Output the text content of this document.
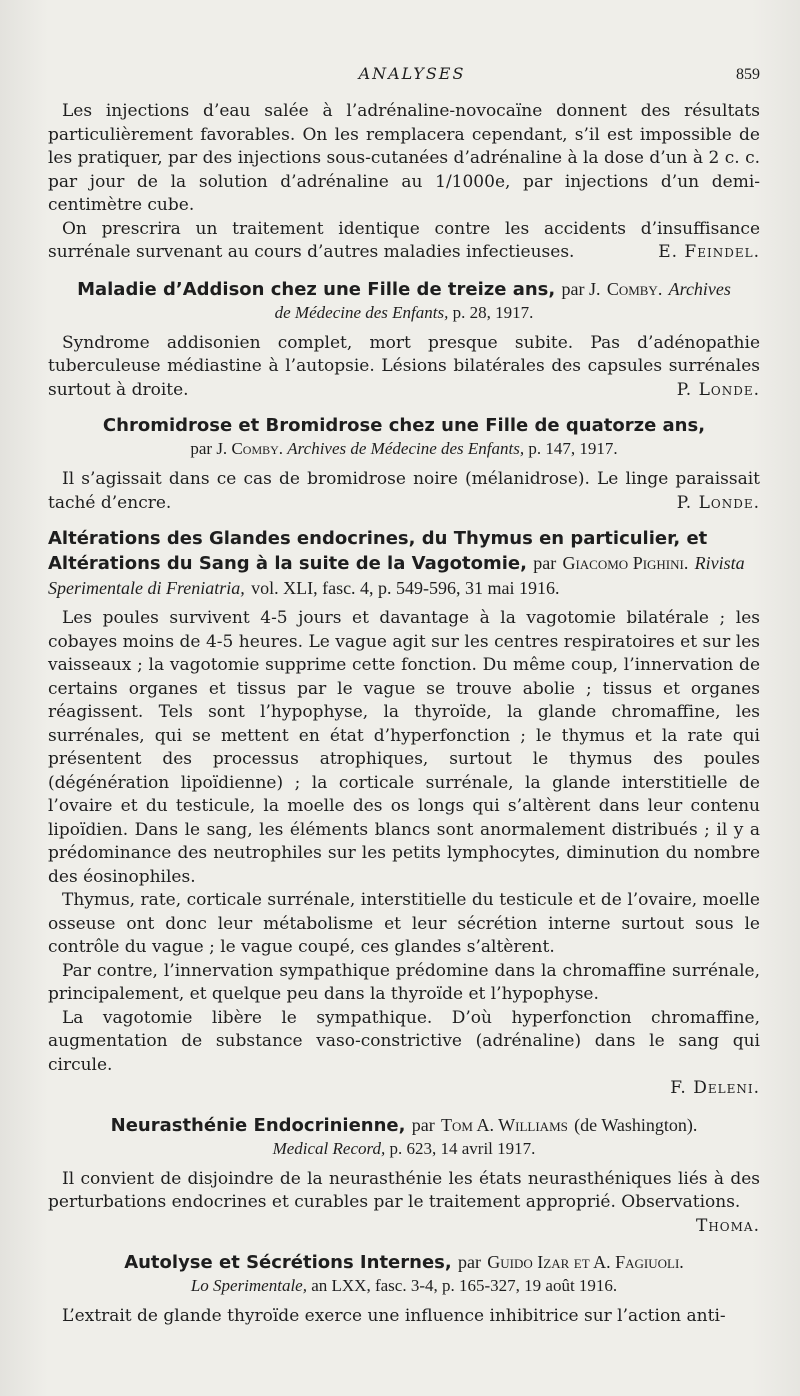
ANALYSES	859

Les injections d’eau salée à l’adrénaline-novocaïne donnent des résultats particulièrement favorables. On les remplacera cependant, s’il est impossible de les pratiquer, par des injections sous-cutanées d’adrénaline à la dose d’un à 2 c. c. par jour de la solution d’adrénaline au 1/1000e, par injections d’un demi-centimètre cube.

On prescrira un traitement identique contre les accidents d’insuffisance surrénale survenant au cours d’autres maladies infectieuses.	E. Feindel.

Maladie d’Addison chez une Fille de treize ans, par J. Comby. Archives
de Médecine des Enfants, p. 28, 1917.

Syndrome addisonien complet, mort presque subite. Pas d’adénopathie tuberculeuse médiastine à l’autopsie. Lésions bilatérales des capsules surrénales surtout à droite.	P. Londe.

Chromidrose et Bromidrose chez une Fille de quatorze ans,
par J. Comby. Archives de Médecine des Enfants, p. 147, 1917.

Il s’agissait dans ce cas de bromidrose noire (mélanidrose). Le linge paraissait taché d’encre.	P. Londe.

Altérations des Glandes endocrines, du Thymus en particulier, et Altérations du Sang à la suite de la Vagotomie, par Giacomo Pighini. Rivista Sperimentale di Freniatria, vol. XLI, fasc. 4, p. 549-596, 31 mai 1916.

Les poules survivent 4-5 jours et davantage à la vagotomie bilatérale ; les cobayes moins de 4-5 heures. Le vague agit sur les centres respiratoires et sur les vaisseaux ; la vagotomie supprime cette fonction. Du même coup, l’innervation de certains organes et tissus par le vague se trouve abolie ; tissus et organes réagissent. Tels sont l’hypophyse, la thyroïde, la glande chromaffine, les surrénales, qui se mettent en état d’hyperfonction ; le thymus et la rate qui présentent des processus atrophiques, surtout le thymus des poules (dégénération lipoïdienne) ; la corticale surrénale, la glande interstitielle de l’ovaire et du testicule, la moelle des os longs qui s’altèrent dans leur contenu lipoïdien. Dans le sang, les éléments blancs sont anormalement distribués ; il y a prédominance des neutrophiles sur les petits lymphocytes, diminution du nombre des éosinophiles.

Thymus, rate, corticale surrénale, interstitielle du testicule et de l’ovaire, moelle osseuse ont donc leur métabolisme et leur sécrétion interne surtout sous le contrôle du vague ; le vague coupé, ces glandes s’altèrent.

Par contre, l’innervation sympathique prédomine dans la chromaffine surrénale, principalement, et quelque peu dans la thyroïde et l’hypophyse.

La vagotomie libère le sympathique. D’où hyperfonction chromaffine, augmentation de substance vaso-constrictive (adrénaline) dans le sang qui circule.

F. Deleni.

Neurasthénie Endocrinienne, par Tom A. Williams (de Washington).
Medical Record, p. 623, 14 avril 1917.

Il convient de disjoindre de la neurasthénie les états neurasthéniques liés à des perturbations endocrines et curables par le traitement approprié. Observations.

Thoma.

Autolyse et Sécrétions Internes, par Guido Izar et A. Fagiuoli.
Lo Sperimentale, an LXX, fasc. 3-4, p. 165-327, 19 août 1916.

L’extrait de glande thyroïde exerce une influence inhibitrice sur l’action anti-
